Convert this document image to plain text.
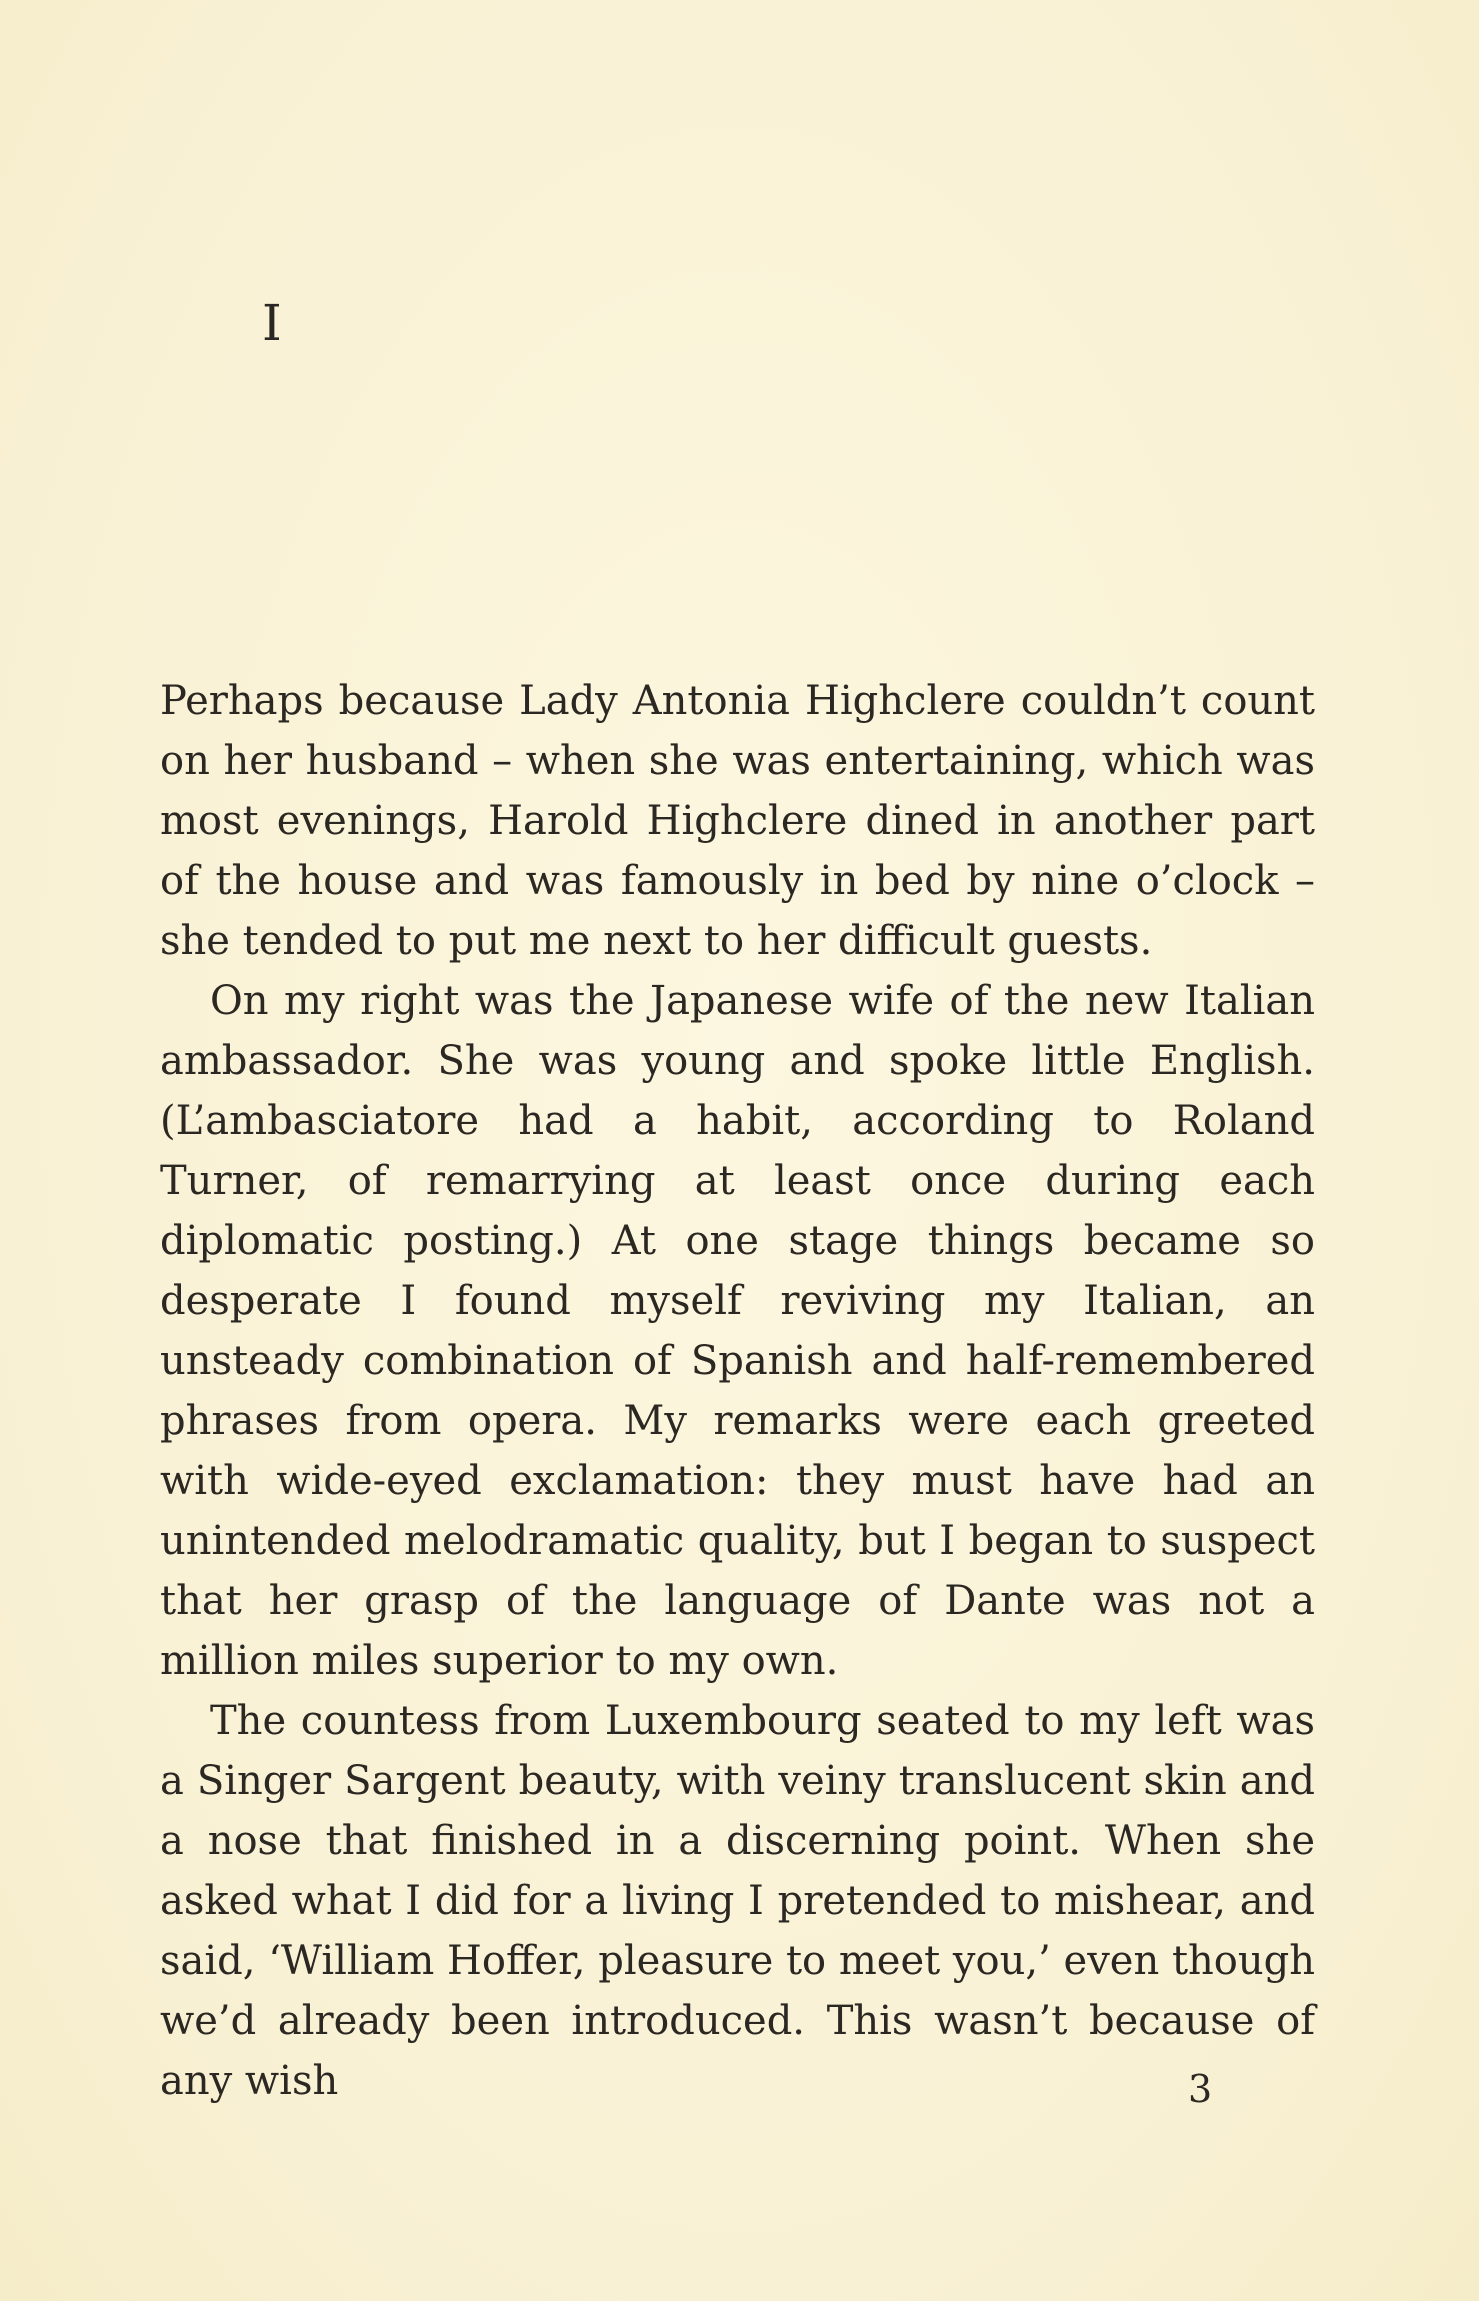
I

Perhaps because Lady Antonia Highclere couldn’t count on her husband – when she was entertaining, which was most evenings, Harold Highclere dined in another part of the house and was famously in bed by nine o’clock – she tended to put me next to her difficult guests.

On my right was the Japanese wife of the new Italian ambassador. She was young and spoke little English. (L’ambasciatore had a habit, according to Roland Turner, of remarrying at least once during each diplomatic posting.) At one stage things became so desperate I found myself reviving my Italian, an unsteady combination of Spanish and half-remembered phrases from opera. My remarks were each greeted with wide-eyed exclamation: they must have had an unintended melodramatic quality, but I began to suspect that her grasp of the language of Dante was not a million miles superior to my own.

The countess from Luxembourg seated to my left was a Singer Sargent beauty, with veiny translucent skin and a nose that finished in a discerning point. When she asked what I did for a living I pretended to mishear, and said, ‘William Hoffer, pleasure to meet you,’ even though we’d already been introduced. This wasn’t because of any wish	3
